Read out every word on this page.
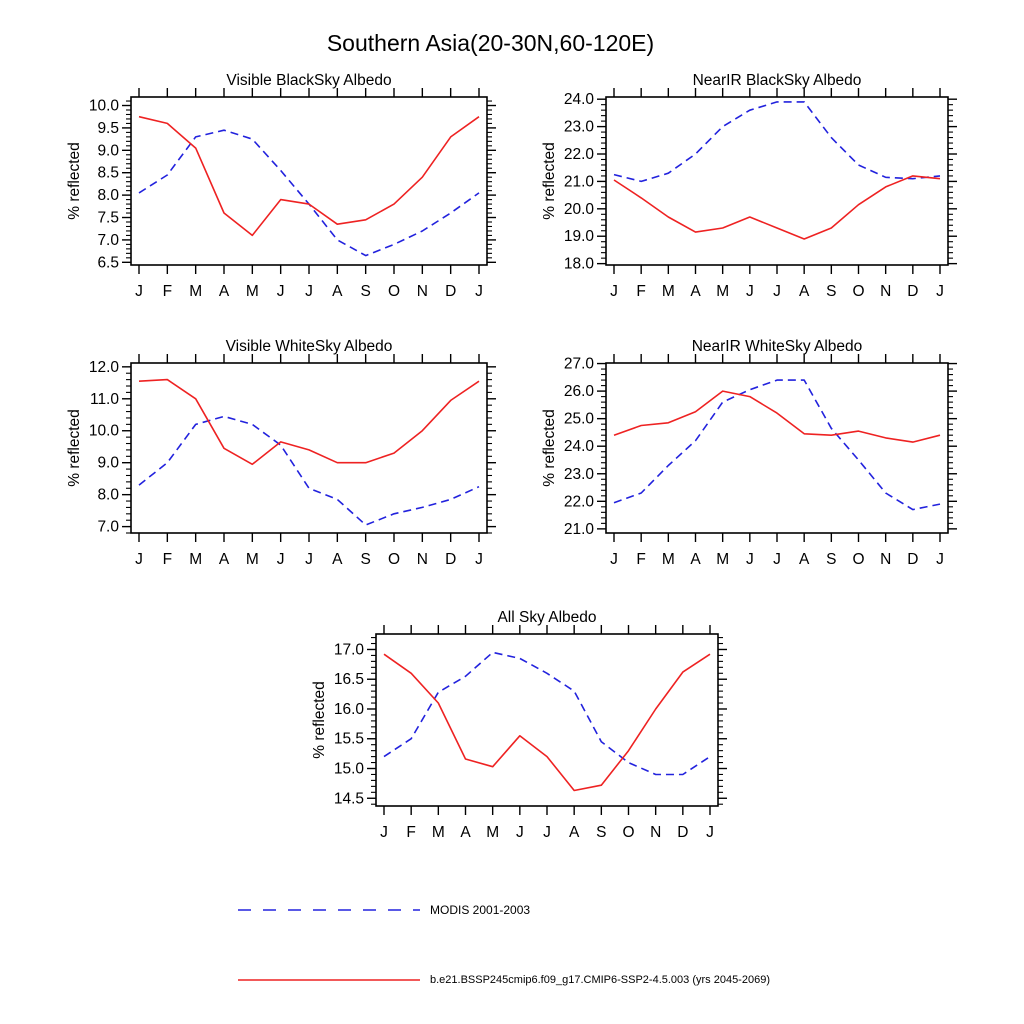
Southern Asia(20-30N,60-120E)
6.5
7.0
7.5
8.0
8.5
9.0
9.5
10.0
J F M A M J J A S O N D J
Visible BlackSky Albedo
% reflected
18.0
19.0
20.0
21.0
22.0
23.0
24.0
J F M A M J J A S O N D J
NearIR BlackSky Albedo
% reflected
7.0
8.0
9.0
10.0
11.0
12.0
J F M A M J J A S O N D J
Visible WhiteSky Albedo
% reflected
21.0
22.0
23.0
24.0
25.0
26.0
27.0
J F M A M J J A S O N D J
NearIR WhiteSky Albedo
% reflected
14.5
15.0
15.5
16.0
16.5
17.0
J F M A M J J A S O N D J
All Sky Albedo
% reflected
MODIS 2001-2003
b.e21.BSSP245cmip6.f09_g17.CMIP6-SSP2-4.5.003 (yrs 2045-2069)
